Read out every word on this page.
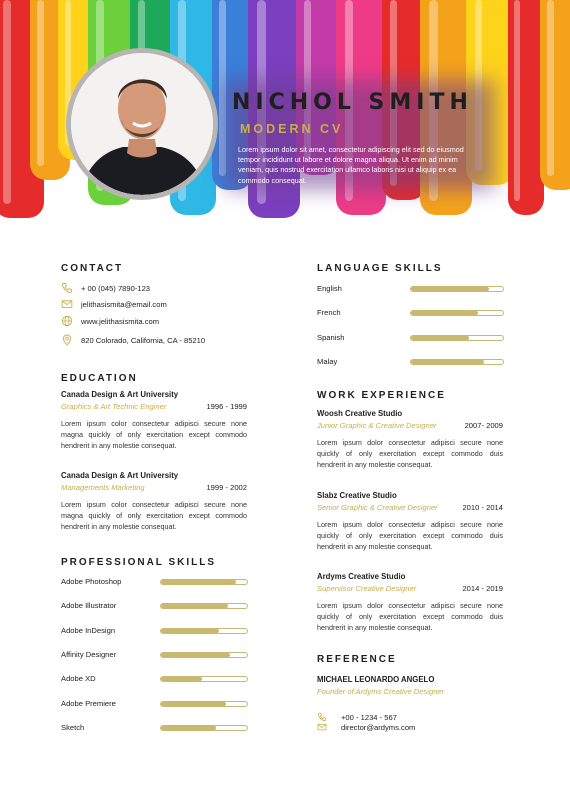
NICHOL SMITH
MODERN CV
Lorem ipsum dolor sit amet, consectetur adipiscing elit sed do eiusmod tempor incididunt ut labore et dolore magna aliqua. Ut enim ad minim veniam, quis nostrud exercitation ullamco laboris nisi ut aliquip ex ea commodo consequat.
CONTACT
+ 00 (045) 7890-123
jelithasismita@email.com
www.jelithasismita.com
820 Colorado, California, CA - 85210
EDUCATION
Canada Design & Art University
Graphics & Art Technic Enginer	1996 - 1999
Lorem ipsum color consectetur adipisci secure none magna quickly of only exercitation except commodo hendrerit in any molestie consequat.
Canada Design & Art University
Managements Marketing	1999 - 2002
Lorem ipsum color consectetur adipisci secure none magna quickly of only exercitation except commodo hendrerit in any molestie consequat.
PROFESSIONAL SKILLS
Adobe Photoshop
Adobe Illustrator
Adobe InDesign
Affinity Designer
Adobe XD
Adobe Premiere
Sketch
LANGUAGE SKILLS
English
French
Spanish
Malay
WORK EXPERIENCE
Woosh Creative Studio
Junior Graphic & Creative Designer	2007- 2009
Lorem ipsum dolor consectetur adipisci secure none quickly of only exercitation except commodo duis hendrerit in any molestie consequat.
Slabz Creative Studio
Senior Graphic & Creative Designer	2010 - 2014
Lorem ipsum dolor consectetur adipisci secure none quickly of only exercitation except commodo duis hendrerit in any molestie consequat.
Ardyms Creative Studio
Supervisor Creative Designer	2014 - 2019
Lorem ipsum dolor consectetur adipisci secure none quickly of only exercitation except commodo duis hendrerit in any molestie consequat.
REFERENCE
MICHAEL LEONARDO ANGELO
Founder of Ardyms Creative Designer
+00 - 1234 - 567
director@ardyms.com
